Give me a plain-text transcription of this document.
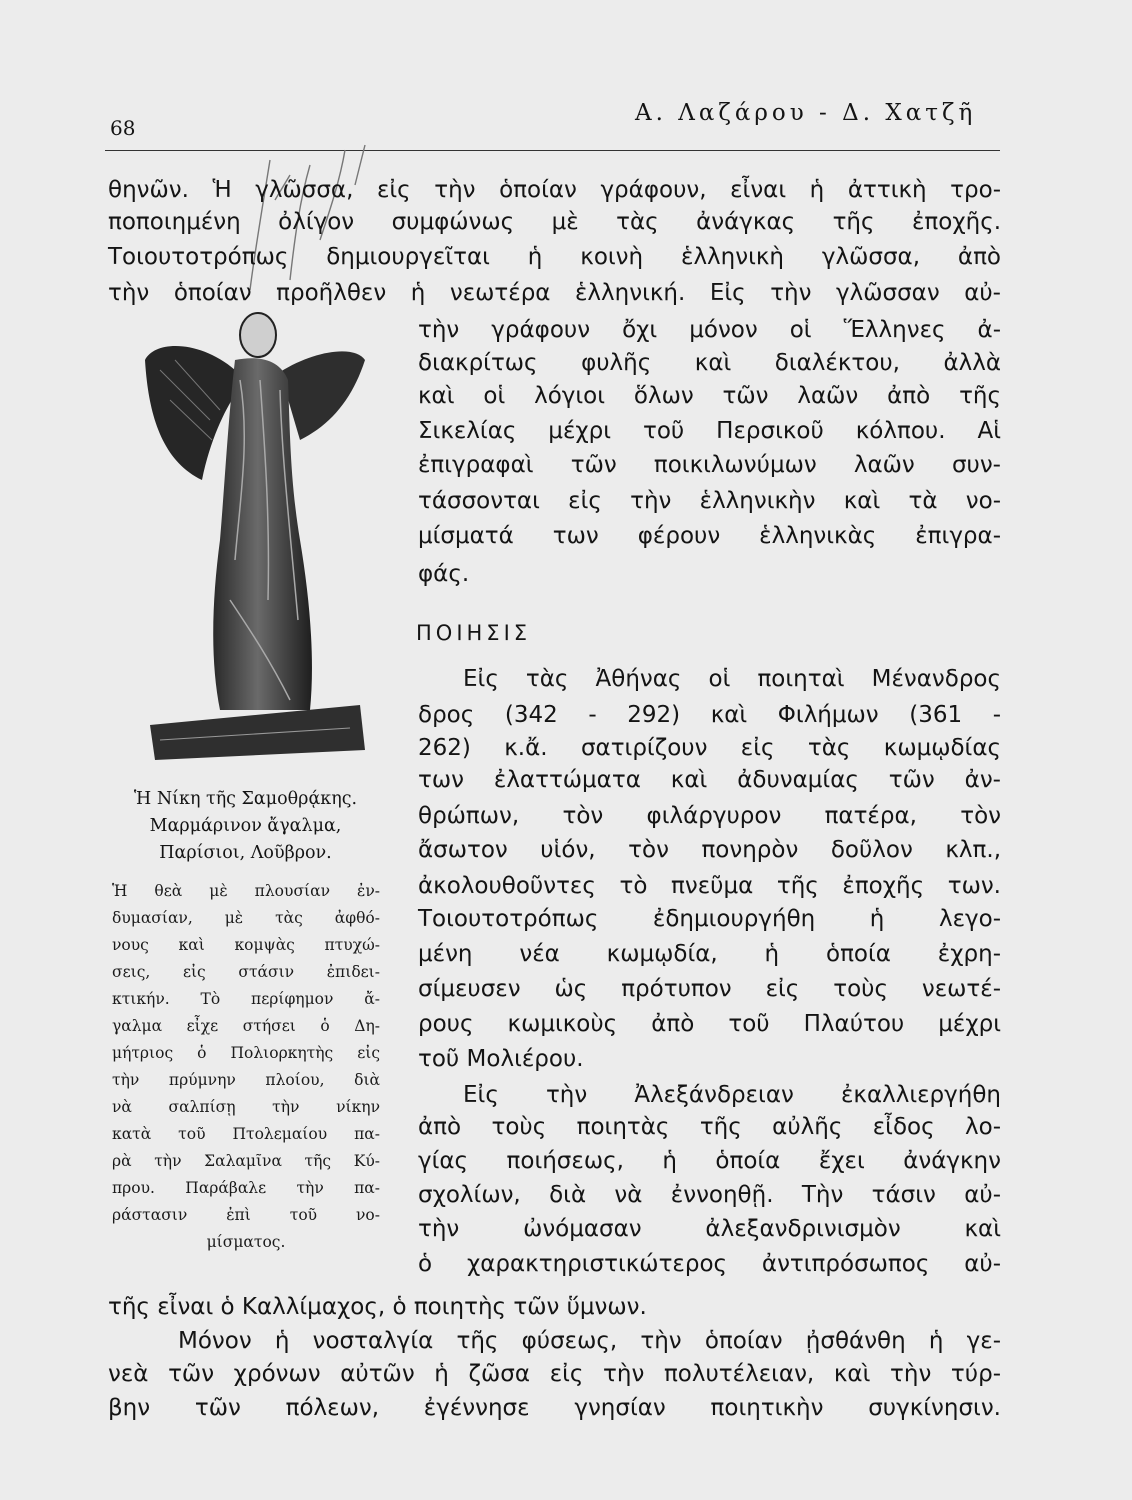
68
Α. Λαζάρου - Δ. Χατζῆ
θηνῶν. Ἡ γλῶσσα, εἰς τὴν ὁποίαν γράφουν, εἶναι ἡ ἀττικὴ τρο-
ποποιημένη ὀλίγον συμφώνως μὲ τὰς ἀνάγκας τῆς ἐποχῆς.
Τοιουτοτρόπως δημιουργεῖται ἡ κοινὴ ἑλληνικὴ γλῶσσα, ἀπὸ
τὴν ὁποίαν προῆλθεν ἡ νεωτέρα ἑλληνική. Εἰς τὴν γλῶσσαν αὐ-
τὴν γράφουν ὄχι μόνον οἱ Ἕλληνες ἀ-
διακρίτως φυλῆς καὶ διαλέκτου, ἀλλὰ
καὶ οἱ λόγιοι ὅλων τῶν λαῶν ἀπὸ τῆς
Σικελίας μέχρι τοῦ Περσικοῦ κόλπου. Αἱ
ἐπιγραφαὶ τῶν ποικιλωνύμων λαῶν συν-
τάσσονται εἰς τὴν ἑλληνικὴν καὶ τὰ νο-
μίσματά των φέρουν ἑλληνικὰς ἐπιγρα-
φάς.
ΠΟΙΗΣΙΣ
Εἰς τὰς Ἀθήνας οἱ ποιηταὶ Μένανδρος
δρος (342 - 292) καὶ Φιλήμων (361 -
262) κ.ἄ. σατιρίζουν εἰς τὰς κωμῳδίας
των ἐλαττώματα καὶ ἀδυναμίας τῶν ἀν-
θρώπων, τὸν φιλάργυρον πατέρα, τὸν
ἄσωτον υἱόν, τὸν πονηρὸν δοῦλον κλπ.,
ἀκολουθοῦντες τὸ πνεῦμα τῆς ἐποχῆς των.
Τοιουτοτρόπως ἐδημιουργήθη ἡ λεγο-
μένη νέα κωμῳδία, ἡ ὁποία ἐχρη-
σίμευσεν ὡς πρότυπον εἰς τοὺς νεωτέ-
ρους κωμικοὺς ἀπὸ τοῦ Πλαύτου μέχρι
τοῦ Μολιέρου.
Εἰς τὴν Ἀλεξάνδρειαν ἐκαλλιεργήθη
ἀπὸ τοὺς ποιητὰς τῆς αὐλῆς εἶδος λο-
γίας ποιήσεως, ἡ ὁποία ἔχει ἀνάγκην
σχολίων, διὰ νὰ ἐννοηθῇ. Τὴν τάσιν αὐ-
τὴν ὠνόμασαν ἀλεξανδρινισμὸν καὶ
ὁ χαρακτηριστικώτερος ἀντιπρόσωπος αὐ-
Ἡ Νίκη τῆς Σαμοθρᾴκης.
Μαρμάρινον ἄγαλμα,
Παρίσιοι, Λοῦβρον.
Ἡ θεὰ μὲ πλουσίαν ἐν-
δυμασίαν, μὲ τὰς ἀφθό-
νους καὶ κομψὰς πτυχώ-
σεις, εἰς στάσιν ἐπιδει-
κτικήν. Τὸ περίφημον ἄ-
γαλμα εἶχε στήσει ὁ Δη-
μήτριος ὁ Πολιορκητὴς εἰς
τὴν πρύμνην πλοίου, διὰ
νὰ σαλπίσῃ τὴν νίκην
κατὰ τοῦ Πτολεμαίου πα-
ρὰ τὴν Σαλαμῖνα τῆς Κύ-
πρου. Παράβαλε τὴν πα-
ράστασιν ἐπὶ τοῦ νο-
μίσματος.
τῆς εἶναι ὁ Καλλίμαχος, ὁ ποιητὴς τῶν ὕμνων.
Μόνον ἡ νοσταλγία τῆς φύσεως, τὴν ὁποίαν ᾐσθάνθη ἡ γε-
νεὰ τῶν χρόνων αὐτῶν ἡ ζῶσα εἰς τὴν πολυτέλειαν, καὶ τὴν τύρ-
βην τῶν πόλεων, ἐγέννησε γνησίαν ποιητικὴν συγκίνησιν.
